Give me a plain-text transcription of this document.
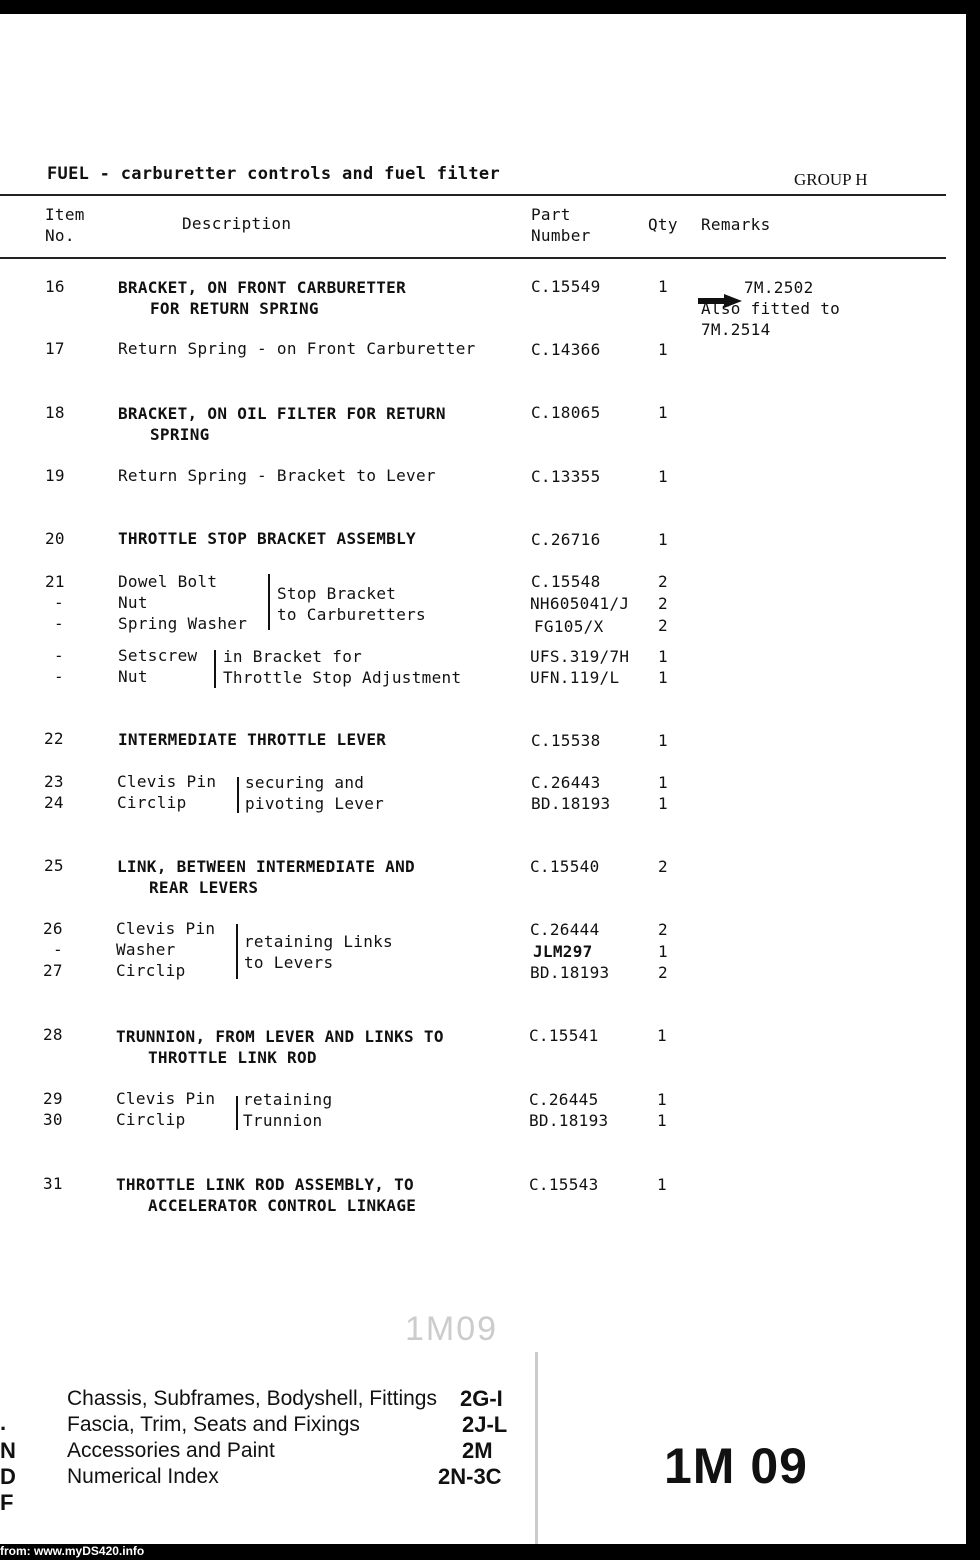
FUEL - carburetter controls and fuel filter	GROUP H
Item
No.
Description	Part
Number
Qty Remarks
16	BRACKET, ON FRONT CARBURETTER
FOR RETURN SPRING
C.15549	1	7M.2502
Also fitted to
7M.2514
17	Return Spring - on Front Carburetter	C.14366	1
18	BRACKET, ON OIL FILTER FOR RETURN
SPRING
C.18065	1
19	Return Spring - Bracket to Lever	C.13355	1
20	THROTTLE STOP BRACKET ASSEMBLY	C.26716	1
21	Dowel Bolt	C.15548	2
-	Nut	NH605041/J 2
-	Spring Washer	FG105/X	2
Stop Bracket
to Carburetters
-	Setscrew	UFS.319/7H 1
-	Nut	UFN.119/L 1
in Bracket for
Throttle Stop Adjustment
22	INTERMEDIATE THROTTLE LEVER	C.15538	1
23	Clevis Pin	C.26443	1
24	Circlip	BD.18193	1
securing and
pivoting Lever
25	LINK, BETWEEN INTERMEDIATE AND
REAR LEVERS
C.15540	2
26	Clevis Pin	C.26444	2
-	Washer	JLM297	1
27	Circlip	BD.18193	2
retaining Links
to Levers
28	TRUNNION, FROM LEVER AND LINKS TO
THROTTLE LINK ROD
C.15541	1
29	Clevis Pin	C.26445	1
30	Circlip	BD.18193	1
retaining
Trunnion
31	THROTTLE LINK ROD ASSEMBLY, TO
ACCELERATOR CONTROL LINKAGE
C.15543	1
1M09
Chassis, Subframes, Bodyshell, Fittings 2G-I
Fascia, Trim, Seats and Fixings	2J-L
Accessories and Paint	2M
Numerical Index	2N-3C
.
N
D
F
1M 09
from: www.myDS420.info
